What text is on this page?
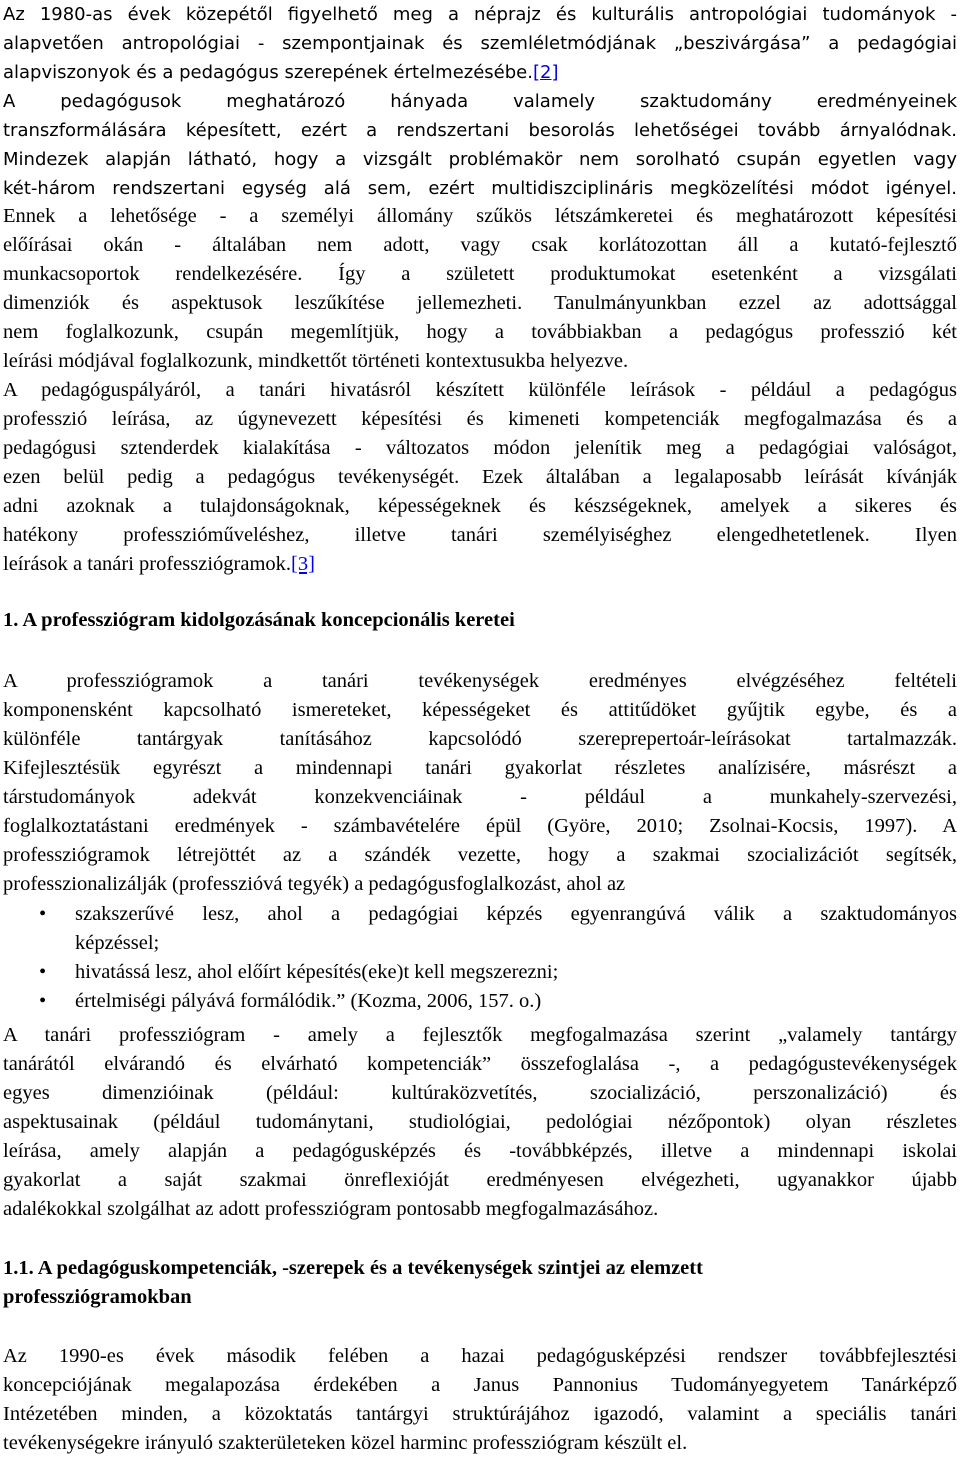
Az 1980-as évek közepétől figyelhető meg a néprajz és kulturális antropológiai tudományok -
alapvetően antropológiai - szempontjainak és szemléletmódjának „beszivárgása” a pedagógiai
alapviszonyok és a pedagógus szerepének értelmezésébe.[2]
A pedagógusok meghatározó hányada valamely szaktudomány eredményeinek
transzformálására képesített, ezért a rendszertani besorolás lehetőségei tovább árnyalódnak.
Mindezek alapján látható, hogy a vizsgált problémakör nem sorolható csupán egyetlen vagy
két-három rendszertani egység alá sem, ezért multidiszciplináris megközelítési módot igényel.
Ennek a lehetősége - a személyi állomány szűkös létszámkeretei és meghatározott képesítési
előírásai okán - általában nem adott, vagy csak korlátozottan áll a kutató-fejlesztő
munkacsoportok rendelkezésére. Így a született produktumokat esetenként a vizsgálati
dimenziók és aspektusok leszűkítése jellemezheti. Tanulmányunkban ezzel az adottsággal
nem foglalkozunk, csupán megemlítjük, hogy a továbbiakban a pedagógus professzió két
leírási módjával foglalkozunk, mindkettőt történeti kontextusukba helyezve.
A pedagóguspályáról, a tanári hivatásról készített különféle leírások - például a pedagógus
professzió leírása, az úgynevezett képesítési és kimeneti kompetenciák megfogalmazása és a
pedagógusi sztenderdek kialakítása - változatos módon jelenítik meg a pedagógiai valóságot,
ezen belül pedig a pedagógus tevékenységét. Ezek általában a legalaposabb leírását kívánják
adni azoknak a tulajdonságoknak, képességeknek és készségeknek, amelyek a sikeres és
hatékony professzióműveléshez, illetve tanári személyiséghez elengedhetetlenek. Ilyen
leírások a tanári professziógramok.[3]
1. A professziógram kidolgozásának koncepcionális keretei
A professziógramok a tanári tevékenységek eredményes elvégzéséhez feltételi
komponensként kapcsolható ismereteket, képességeket és attitűdöket gyűjtik egybe, és a
különféle tantárgyak tanításához kapcsolódó szereprepertoár-leírásokat tartalmazzák.
Kifejlesztésük egyrészt a mindennapi tanári gyakorlat részletes analízisére, másrészt a
társtudományok adekvát konzekvenciáinak - például a munkahely-szervezési,
foglalkoztatástani eredmények - számbavételére épül (Györe, 2010; Zsolnai-Kocsis, 1997). A
professziógramok létrejöttét az a szándék vezette, hogy a szakmai szocializációt segítsék,
professzionalizálják (professzióvá tegyék) a pedagógusfoglalkozást, ahol az
• szakszerűvé lesz, ahol a pedagógiai képzés egyenrangúvá válik a szaktudományos
képzéssel;
• hivatássá lesz, ahol előírt képesítés(eke)t kell megszerezni;
• értelmiségi pályává formálódik.” (Kozma, 2006, 157. o.)
A tanári professziógram - amely a fejlesztők megfogalmazása szerint „valamely tantárgy
tanárától elvárandó és elvárható kompetenciák” összefoglalása -, a pedagógustevékenységek
egyes dimenzióinak (például: kultúraközvetítés, szocializáció, perszonalizáció) és
aspektusainak (például tudománytani, studiológiai, pedológiai nézőpontok) olyan részletes
leírása, amely alapján a pedagógusképzés és -továbbképzés, illetve a mindennapi iskolai
gyakorlat a saját szakmai önreflexióját eredményesen elvégezheti, ugyanakkor újabb
adalékokkal szolgálhat az adott professziógram pontosabb megfogalmazásához.
1.1. A pedagóguskompetenciák, -szerepek és a tevékenységek szintjei az elemzett
professziógramokban
Az 1990-es évek második felében a hazai pedagógusképzési rendszer továbbfejlesztési
koncepciójának megalapozása érdekében a Janus Pannonius Tudományegyetem Tanárképző
Intézetében minden, a közoktatás tantárgyi struktúrájához igazodó, valamint a speciális tanári
tevékenységekre irányuló szakterületeken közel harminc professziógram készült el.
